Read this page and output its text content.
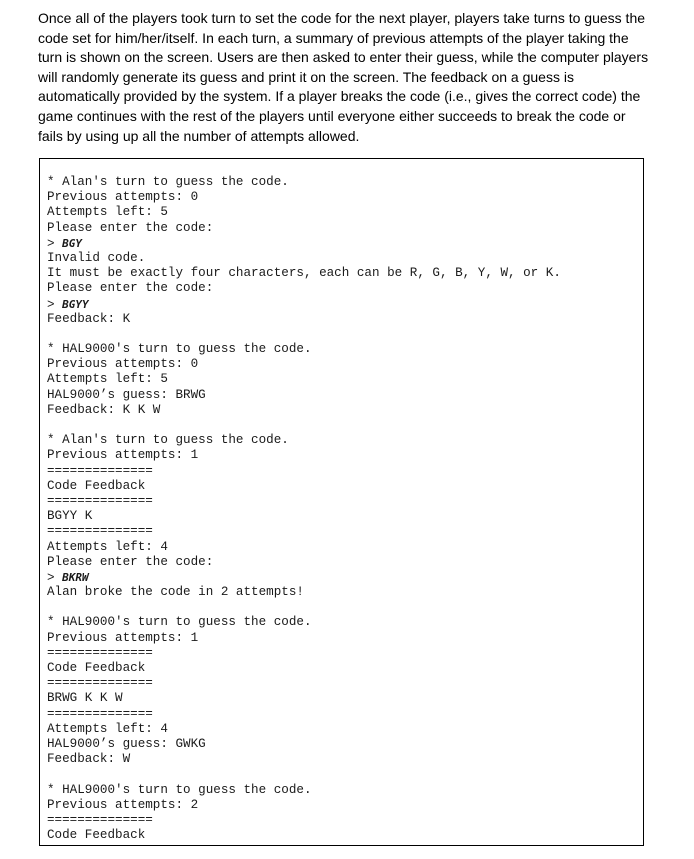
Once all of the players took turn to set the code for the next player, players take turns to guess the code set for him/her/itself. In each turn, a summary of previous attempts of the player taking the turn is shown on the screen. Users are then asked to enter their guess, while the computer players will randomly generate its guess and print it on the screen. The feedback on a guess is automatically provided by the system. If a player breaks the code (i.e., gives the correct code) the game continues with the rest of the players until everyone either succeeds to break the code or fails by using up all the number of attempts allowed.
* Alan's turn to guess the code.
Previous attempts: 0
Attempts left: 5
Please enter the code:
> BGY
Invalid code.
It must be exactly four characters, each can be R, G, B, Y, W, or K.
Please enter the code:
> BGYY
Feedback: K
* HAL9000's turn to guess the code.
Previous attempts: 0
Attempts left: 5
HAL9000’s guess: BRWG
Feedback: K K W
* Alan's turn to guess the code.
Previous attempts: 1
==============
Code Feedback
==============
BGYY K
==============
Attempts left: 4
Please enter the code:
> BKRW
Alan broke the code in 2 attempts!
* HAL9000's turn to guess the code.
Previous attempts: 1
==============
Code Feedback
==============
BRWG K K W
==============
Attempts left: 4
HAL9000’s guess: GWKG
Feedback: W
* HAL9000's turn to guess the code.
Previous attempts: 2
==============
Code Feedback
